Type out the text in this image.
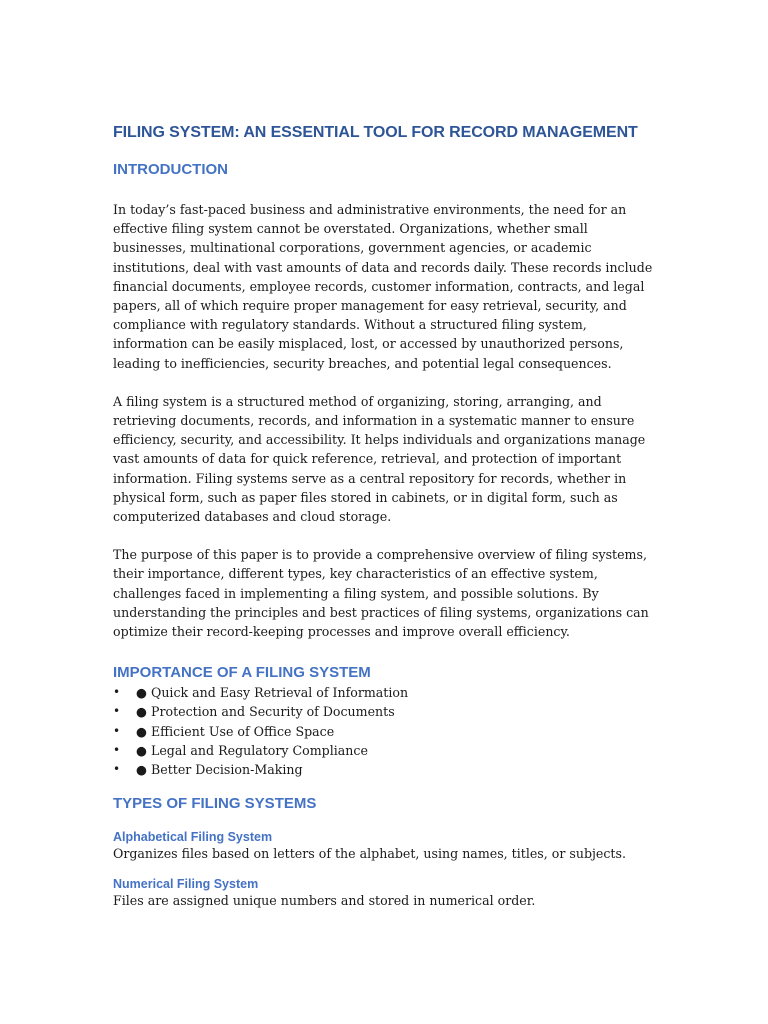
FILING SYSTEM: AN ESSENTIAL TOOL FOR RECORD MANAGEMENT
INTRODUCTION

In today’s fast-paced business and administrative environments, the need for an effective filing system cannot be overstated. Organizations, whether small businesses, multinational corporations, government agencies, or academic institutions, deal with vast amounts of data and records daily. These records include financial documents, employee records, customer information, contracts, and legal papers, all of which require proper management for easy retrieval, security, and compliance with regulatory standards. Without a structured filing system, information can be easily misplaced, lost, or accessed by unauthorized persons, leading to inefficiencies, security breaches, and potential legal consequences.

A filing system is a structured method of organizing, storing, arranging, and retrieving documents, records, and information in a systematic manner to ensure efficiency, security, and accessibility. It helps individuals and organizations manage vast amounts of data for quick reference, retrieval, and protection of important information. Filing systems serve as a central repository for records, whether in physical form, such as paper files stored in cabinets, or in digital form, such as computerized databases and cloud storage.

The purpose of this paper is to provide a comprehensive overview of filing systems, their importance, different types, key characteristics of an effective system, challenges faced in implementing a filing system, and possible solutions. By understanding the principles and best practices of filing systems, organizations can optimize their record-keeping processes and improve overall efficiency.

IMPORTANCE OF A FILING SYSTEM
• ● Quick and Easy Retrieval of Information
• ● Protection and Security of Documents
• ● Efficient Use of Office Space
• ● Legal and Regulatory Compliance
• ● Better Decision-Making
TYPES OF FILING SYSTEMS
Alphabetical Filing System

Organizes files based on letters of the alphabet, using names, titles, or subjects.

Numerical Filing System

Files are assigned unique numbers and stored in numerical order.
